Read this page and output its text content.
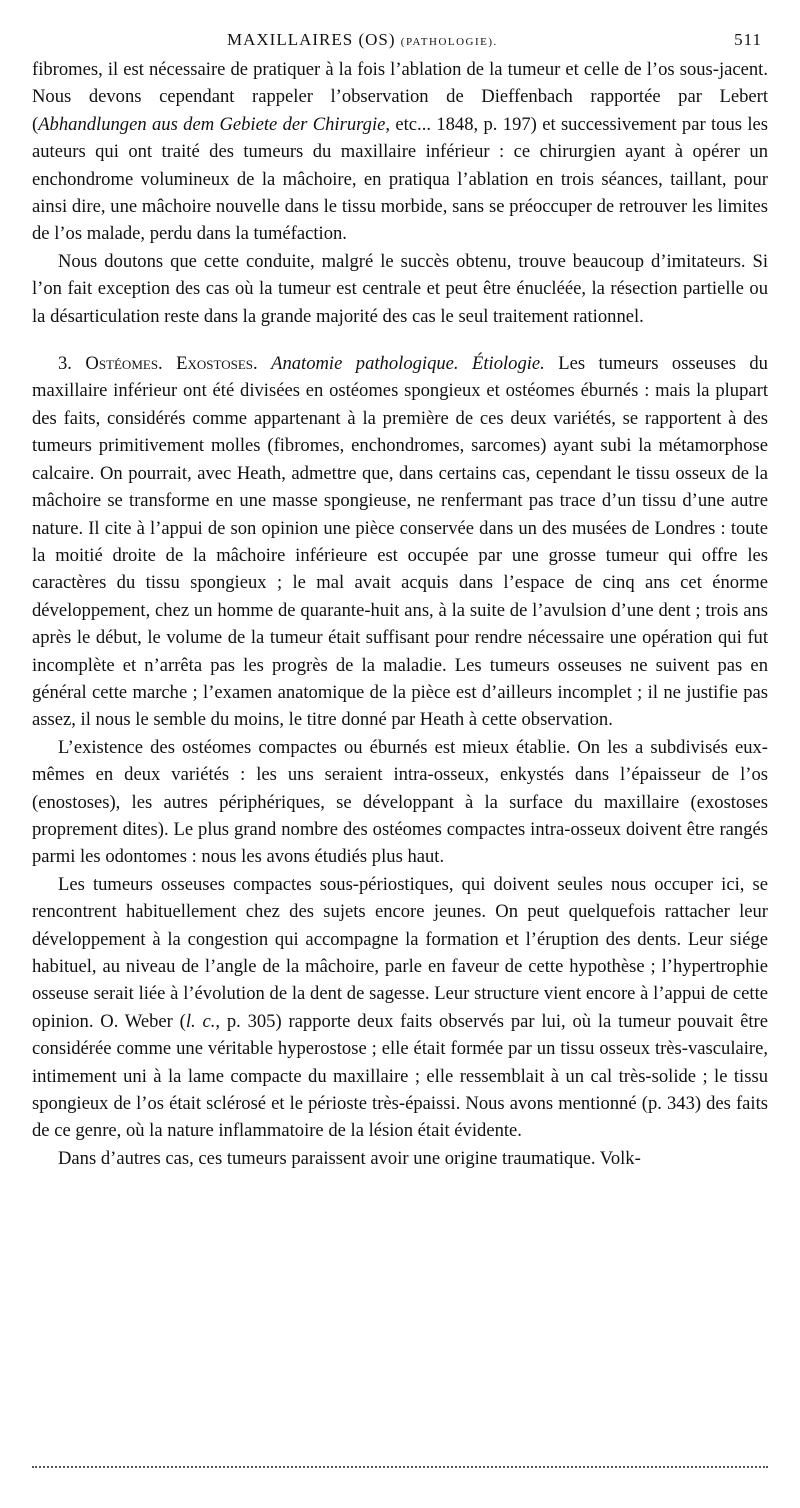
MAXILLAIRES (OS) (PATHOLOGIE).	511

fibromes, il est nécessaire de pratiquer à la fois l’ablation de la tumeur et celle de l’os sous-jacent. Nous devons cependant rappeler l’observation de Dieffenbach rapportée par Lebert (Abhandlungen aus dem Gebiete der Chirurgie, etc... 1848, p. 197) et successivement par tous les auteurs qui ont traité des tumeurs du maxillaire inférieur : ce chirurgien ayant à opérer un enchondrome volumineux de la mâchoire, en pratiqua l’ablation en trois séances, taillant, pour ainsi dire, une mâchoire nouvelle dans le tissu morbide, sans se préoccuper de retrouver les limites de l’os malade, perdu dans la tuméfaction.

Nous doutons que cette conduite, malgré le succès obtenu, trouve beaucoup d’imitateurs. Si l’on fait exception des cas où la tumeur est centrale et peut être énucléée, la résection partielle ou la désarticulation reste dans la grande majorité des cas le seul traitement rationnel.

3. Ostéomes. Exostoses. Anatomie pathologique. Étiologie. Les tumeurs osseuses du maxillaire inférieur ont été divisées en ostéomes spongieux et ostéomes éburnés : mais la plupart des faits, considérés comme appartenant à la première de ces deux variétés, se rapportent à des tumeurs primitivement molles (fibromes, enchondromes, sarcomes) ayant subi la métamorphose calcaire. On pourrait, avec Heath, admettre que, dans certains cas, cependant le tissu osseux de la mâchoire se transforme en une masse spongieuse, ne renfermant pas trace d’un tissu d’une autre nature. Il cite à l’appui de son opinion une pièce conservée dans un des musées de Londres : toute la moitié droite de la mâchoire inférieure est occupée par une grosse tumeur qui offre les caractères du tissu spongieux ; le mal avait acquis dans l’espace de cinq ans cet énorme développement, chez un homme de quarante-huit ans, à la suite de l’avulsion d’une dent ; trois ans après le début, le volume de la tumeur était suffisant pour rendre nécessaire une opération qui fut incomplète et n’arrêta pas les progrès de la maladie. Les tumeurs osseuses ne suivent pas en général cette marche ; l’examen anatomique de la pièce est d’ailleurs incomplet ; il ne justifie pas assez, il nous le semble du moins, le titre donné par Heath à cette observation.

L’existence des ostéomes compactes ou éburnés est mieux établie. On les a subdivisés eux-mêmes en deux variétés : les uns seraient intra-osseux, enkystés dans l’épaisseur de l’os (enostoses), les autres périphériques, se développant à la surface du maxillaire (exostoses proprement dites). Le plus grand nombre des ostéomes compactes intra-osseux doivent être rangés parmi les odontomes : nous les avons étudiés plus haut.

Les tumeurs osseuses compactes sous-périostiques, qui doivent seules nous occuper ici, se rencontrent habituellement chez des sujets encore jeunes. On peut quelquefois rattacher leur développement à la congestion qui accompagne la formation et l’éruption des dents. Leur siége habituel, au niveau de l’angle de la mâchoire, parle en faveur de cette hypothèse ; l’hypertrophie osseuse serait liée à l’évolution de la dent de sagesse. Leur structure vient encore à l’appui de cette opinion. O. Weber (l. c., p. 305) rapporte deux faits observés par lui, où la tumeur pouvait être considérée comme une véritable hyperostose ; elle était formée par un tissu osseux très-vasculaire, intimement uni à la lame compacte du maxillaire ; elle ressemblait à un cal très-solide ; le tissu spongieux de l’os était sclérosé et le périoste très-épaissi. Nous avons mentionné (p. 343) des faits de ce genre, où la nature inflammatoire de la lésion était évidente.

Dans d’autres cas, ces tumeurs paraissent avoir une origine traumatique. Volk-
